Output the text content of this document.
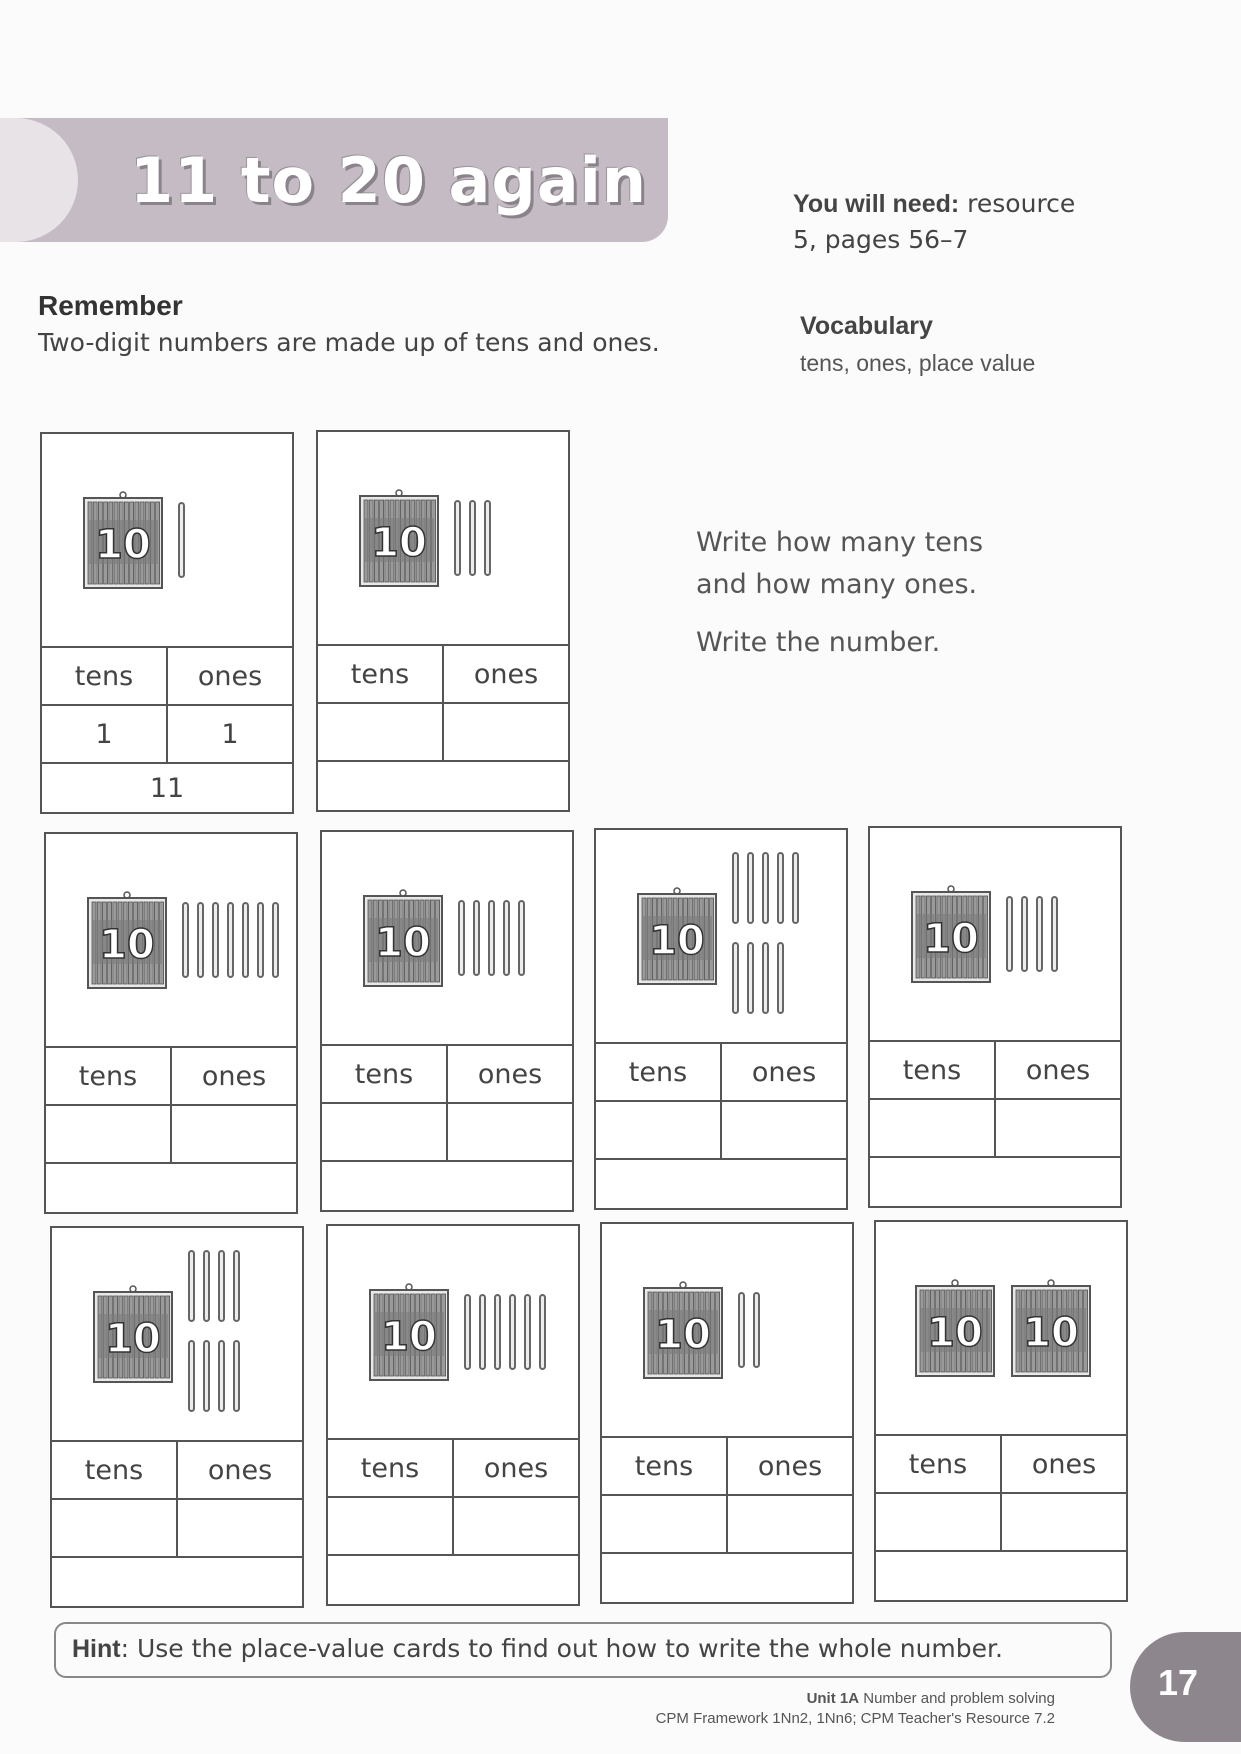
11 to 20 again	You will need: resource
5, pages 56–7
Remember
Two-digit numbers are made up of tens and ones.
Vocabulary
tens, ones, place value

Write how many tens

and how many ones.

Write the number.

10
tens	ones
1	1
11
10
tens	ones
10
tens	ones
10
tens	ones
10
tens	ones
10
tens	ones
10
tens	ones
10
tens	ones
10
tens	ones
10 10
tens	ones
Hint: Use the place-value cards to find out how to write the whole number.
Unit 1A Number and problem solving
CPM Framework 1Nn2, 1Nn6; CPM Teacher's Resource 7.2
17
